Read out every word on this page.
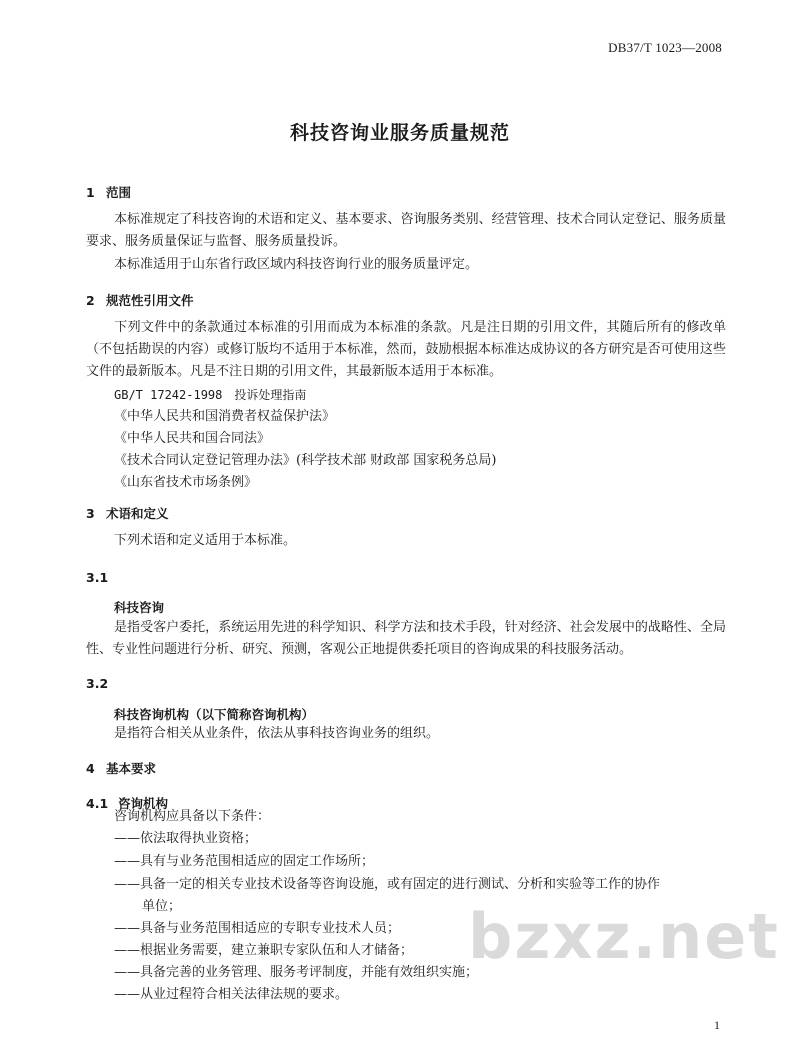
DB37/T 1023—2008
科技咨询业服务质量规范
1 范围
本标准规定了科技咨询的术语和定义、基本要求、咨询服务类别、经营管理、技术合同认定登记、服务质量要求、服务质量保证与监督、服务质量投诉。
本标准适用于山东省行政区域内科技咨询行业的服务质量评定。
2 规范性引用文件
下列文件中的条款通过本标准的引用而成为本标准的条款。凡是注日期的引用文件，其随后所有的修改单（不包括勘误的内容）或修订版均不适用于本标准，然而，鼓励根据本标准达成协议的各方研究是否可使用这些文件的最新版本。凡是不注日期的引用文件，其最新版本适用于本标准。
GB/T 17242-1998　投诉处理指南
《中华人民共和国消费者权益保护法》
《中华人民共和国合同法》
《技术合同认定登记管理办法》(科学技术部 财政部 国家税务总局)
《山东省技术市场条例》
3 术语和定义
下列术语和定义适用于本标准。
3.1
科技咨询
是指受客户委托，系统运用先进的科学知识、科学方法和技术手段，针对经济、社会发展中的战略性、全局性、专业性问题进行分析、研究、预测，客观公正地提供委托项目的咨询成果的科技服务活动。
3.2
科技咨询机构（以下简称咨询机构）
是指符合相关从业条件，依法从事科技咨询业务的组织。
4 基本要求
4.1 咨询机构
咨询机构应具备以下条件：
——依法取得执业资格；
——具有与业务范围相适应的固定工作场所；
——具备一定的相关专业技术设备等咨询设施，或有固定的进行测试、分析和实验等工作的协作
单位；
——具备与业务范围相适应的专职专业技术人员；
——根据业务需要，建立兼职专家队伍和人才储备；
——具备完善的业务管理、服务考评制度，并能有效组织实施；
——从业过程符合相关法律法规的要求。
bzxz.net
1
